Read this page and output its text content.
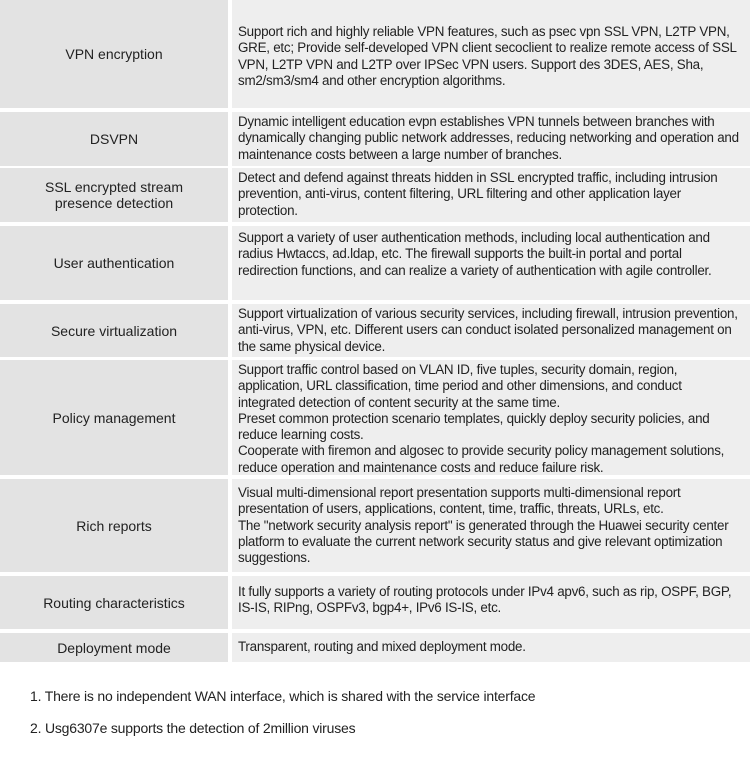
VPN encryption

Support rich and highly reliable VPN features, such as psec vpn SSL VPN, L2TP VPN, GRE, etc; Provide self-developed VPN client secoclient to realize remote access of SSL VPN, L2TP VPN and L2TP over IPSec VPN users. Support des 3DES, AES, Sha, sm2/sm3/sm4 and other encryption algorithms.

DSVPN

Dynamic intelligent education evpn establishes VPN tunnels between branches with dynamically changing public network addresses, reducing networking and operation and maintenance costs between a large number of branches.

SSL encrypted stream presence detection

Detect and defend against threats hidden in SSL encrypted traffic, including intrusion prevention, anti-virus, content filtering, URL filtering and other application layer protection.

User authentication

Support a variety of user authentication methods, including local authentication and radius Hwtaccs, ad.ldap, etc. The firewall supports the built-in portal and portal redirection functions, and can realize a variety of authentication with agile controller.

Secure virtualization

Support virtualization of various security services, including firewall, intrusion prevention, anti-virus, VPN, etc. Different users can conduct isolated personalized management on the same physical device.

Policy management

Support traffic control based on VLAN ID, five tuples, security domain, region, application, URL classification, time period and other dimensions, and conduct integrated detection of content security at the same time.

Preset common protection scenario templates, quickly deploy security policies, and reduce learning costs.

Cooperate with firemon and algosec to provide security policy management solutions, reduce operation and maintenance costs and reduce failure risk.

Rich reports

Visual multi-dimensional report presentation supports multi-dimensional report presentation of users, applications, content, time, traffic, threats, URLs, etc.

The "network security analysis report" is generated through the Huawei security center platform to evaluate the current network security status and give relevant optimization suggestions.

Routing characteristics

It fully supports a variety of routing protocols under IPv4 apv6, such as rip, OSPF, BGP, IS-IS, RIPng, OSPFv3, bgp4+, IPv6 IS-IS, etc.

Deployment mode	Transparent, routing and mixed deployment mode.

1. There is no independent WAN interface, which is shared with the service interface
2. Usg6307e supports the detection of 2million viruses
